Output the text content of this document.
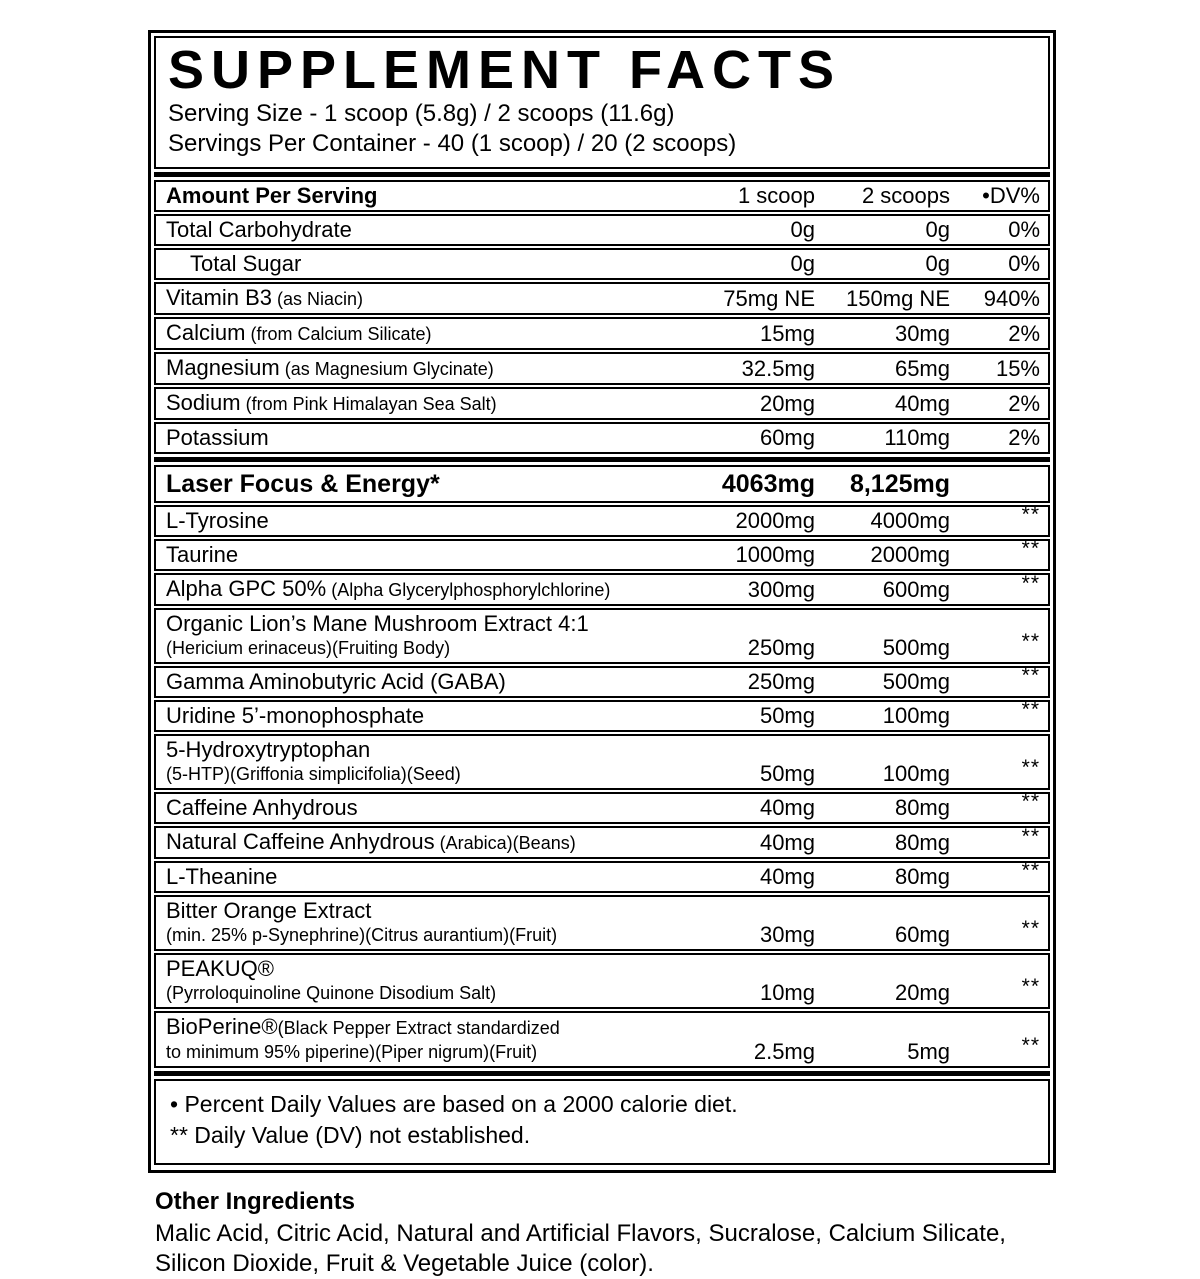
SUPPLEMENT FACTS
Serving Size - 1 scoop (5.8g) / 2 scoops (11.6g)
Servings Per Container - 40 (1 scoop) / 20 (2 scoops)
Amount Per Serving	1 scoop	2 scoops	•DV%
Total Carbohydrate	0g	0g	0%
Total Sugar	0g	0g	0%
Vitamin B3 (as Niacin)	75mg NE	150mg NE	940%
Calcium (from Calcium Silicate)	15mg	30mg	2%
Magnesium (as Magnesium Glycinate)	32.5mg	65mg	15%
Sodium (from Pink Himalayan Sea Salt)	20mg	40mg	2%
Potassium	60mg	110mg	2%
Laser Focus & Energy*	4063mg	8,125mg
L-Tyrosine	2000mg	4000mg	**
Taurine	1000mg	2000mg	**
Alpha GPC 50% (Alpha Glycerylphosphorylchlorine)	300mg	600mg	**
Organic Lion’s Mane Mushroom Extract 4:1
(Hericium erinaceus)(Fruiting Body)	250mg	500mg	**
Gamma Aminobutyric Acid (GABA)	250mg	500mg	**
Uridine 5’-monophosphate	50mg	100mg	**
5-Hydroxytryptophan
(5-HTP)(Griffonia simplicifolia)(Seed)	50mg	100mg	**
Caffeine Anhydrous	40mg	80mg	**
Natural Caffeine Anhydrous (Arabica)(Beans)	40mg	80mg	**
L-Theanine	40mg	80mg	**
Bitter Orange Extract
(min. 25% p-Synephrine)(Citrus aurantium)(Fruit)	30mg	60mg	**
PEAKUQ®
(Pyrroloquinoline Quinone Disodium Salt)	10mg	20mg	**
BioPerine®(Black Pepper Extract standardized
to minimum 95% piperine)(Piper nigrum)(Fruit)	2.5mg	5mg	**
• Percent Daily Values are based on a 2000 calorie diet.
** Daily Value (DV) not established.
Other Ingredients
Malic Acid, Citric Acid, Natural and Artificial Flavors, Sucralose, Calcium Silicate, Silicon Dioxide, Fruit & Vegetable Juice (color).
